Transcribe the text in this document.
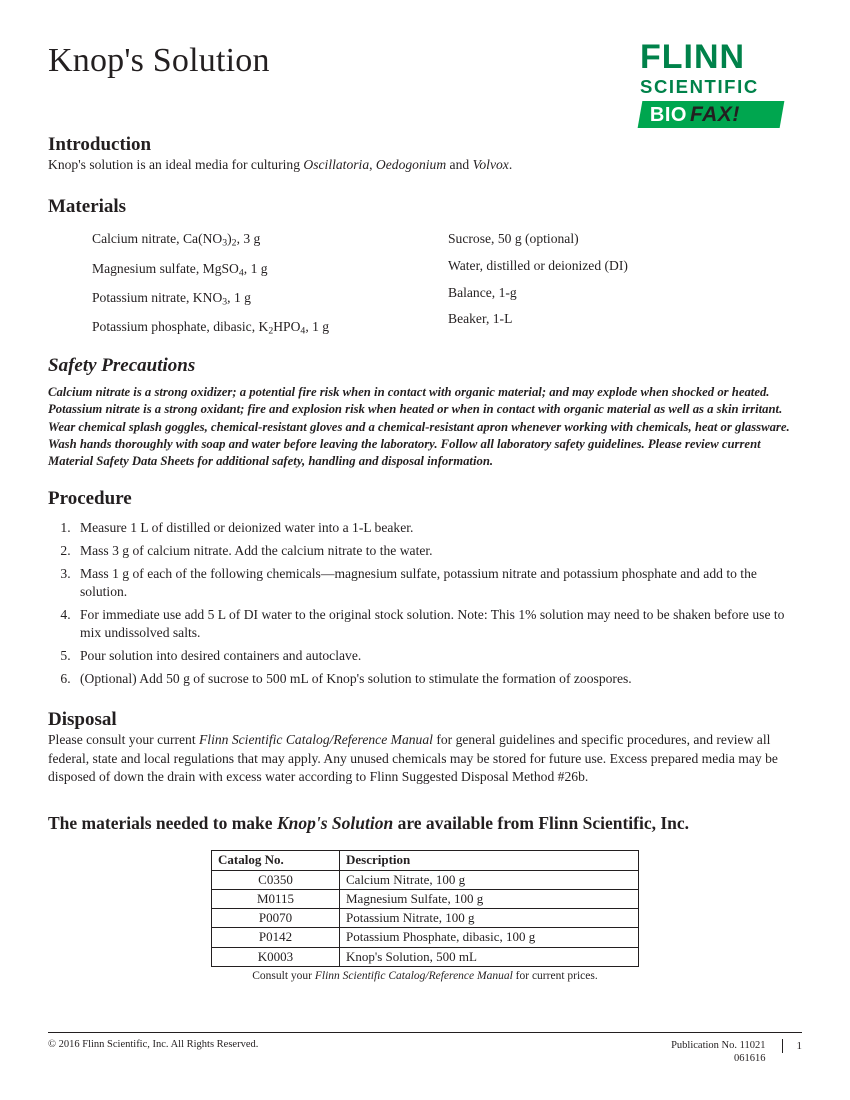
Knop's Solution	FLINN
SCIENTIFIC
BIO FAX!
Introduction

Knop's solution is an ideal media for culturing Oscillatoria, Oedogonium and Volvox.

Materials
Calcium nitrate, $Ca(NO_3)_2$, 3 g
Magnesium sulfate, MgSO$_4$, 1 g
Potassium nitrate, $KNO_3$, 1 g
Potassium phosphate, dibasic, $K_2HPO_4$, 1 g
Sucrose, 50 g (optional)
Water, distilled or deionized (DI)
Balance, 1-g
Beaker, 1-L
Safety Precautions

Calcium nitrate is a strong oxidizer; a potential fire risk when in contact with organic material; and may explode when shocked or heated. Potassium nitrate is a strong oxidant; fire and explosion risk when heated or when in contact with organic material as well as a skin irritant. Wear chemical splash goggles, chemical-resistant gloves and a chemical-resistant apron whenever working with chemicals, heat or glassware. Wash hands thoroughly with soap and water before leaving the laboratory. Follow all laboratory safety guidelines. Please review current Material Safety Data Sheets for additional safety, handling and disposal information.

Procedure
1. Measure 1 L of distilled or deionized water into a 1-L beaker.
2. Mass 3 g of calcium nitrate. Add the calcium nitrate to the water.
3. Mass 1 g of each of the following chemicals—magnesium sulfate, potassium nitrate and potassium phosphate and add to the solution.
4. For immediate use add 5 L of DI water to the original stock solution. Note: This 1% solution may need to be shaken before use to mix undissolved salts.
5. Pour solution into desired containers and autoclave.
6. (Optional) Add 50 g of sucrose to 500 mL of Knop's solution to stimulate the formation of zoospores.
Disposal

Please consult your current Flinn Scientific Catalog/Reference Manual for general guidelines and specific procedures, and review all federal, state and local regulations that may apply. Any unused chemicals may be stored for future use. Excess prepared media may be disposed of down the drain with excess water according to Flinn Suggested Disposal Method #26b.

The materials needed to make Knop's Solution are available from Flinn Scientific, Inc.

Catalog No.	Description
C0350	Calcium Nitrate, 100 g
M0115	Magnesium Sulfate, 100 g
P0070	Potassium Nitrate, 100 g
P0142	Potassium Phosphate, dibasic, 100 g
K0003	Knop's Solution, 500 mL
Consult your Flinn Scientific Catalog/Reference Manual for current prices.
© 2016 Flinn Scientific, Inc. All Rights Reserved.	Publication No. 11021
061616
1
